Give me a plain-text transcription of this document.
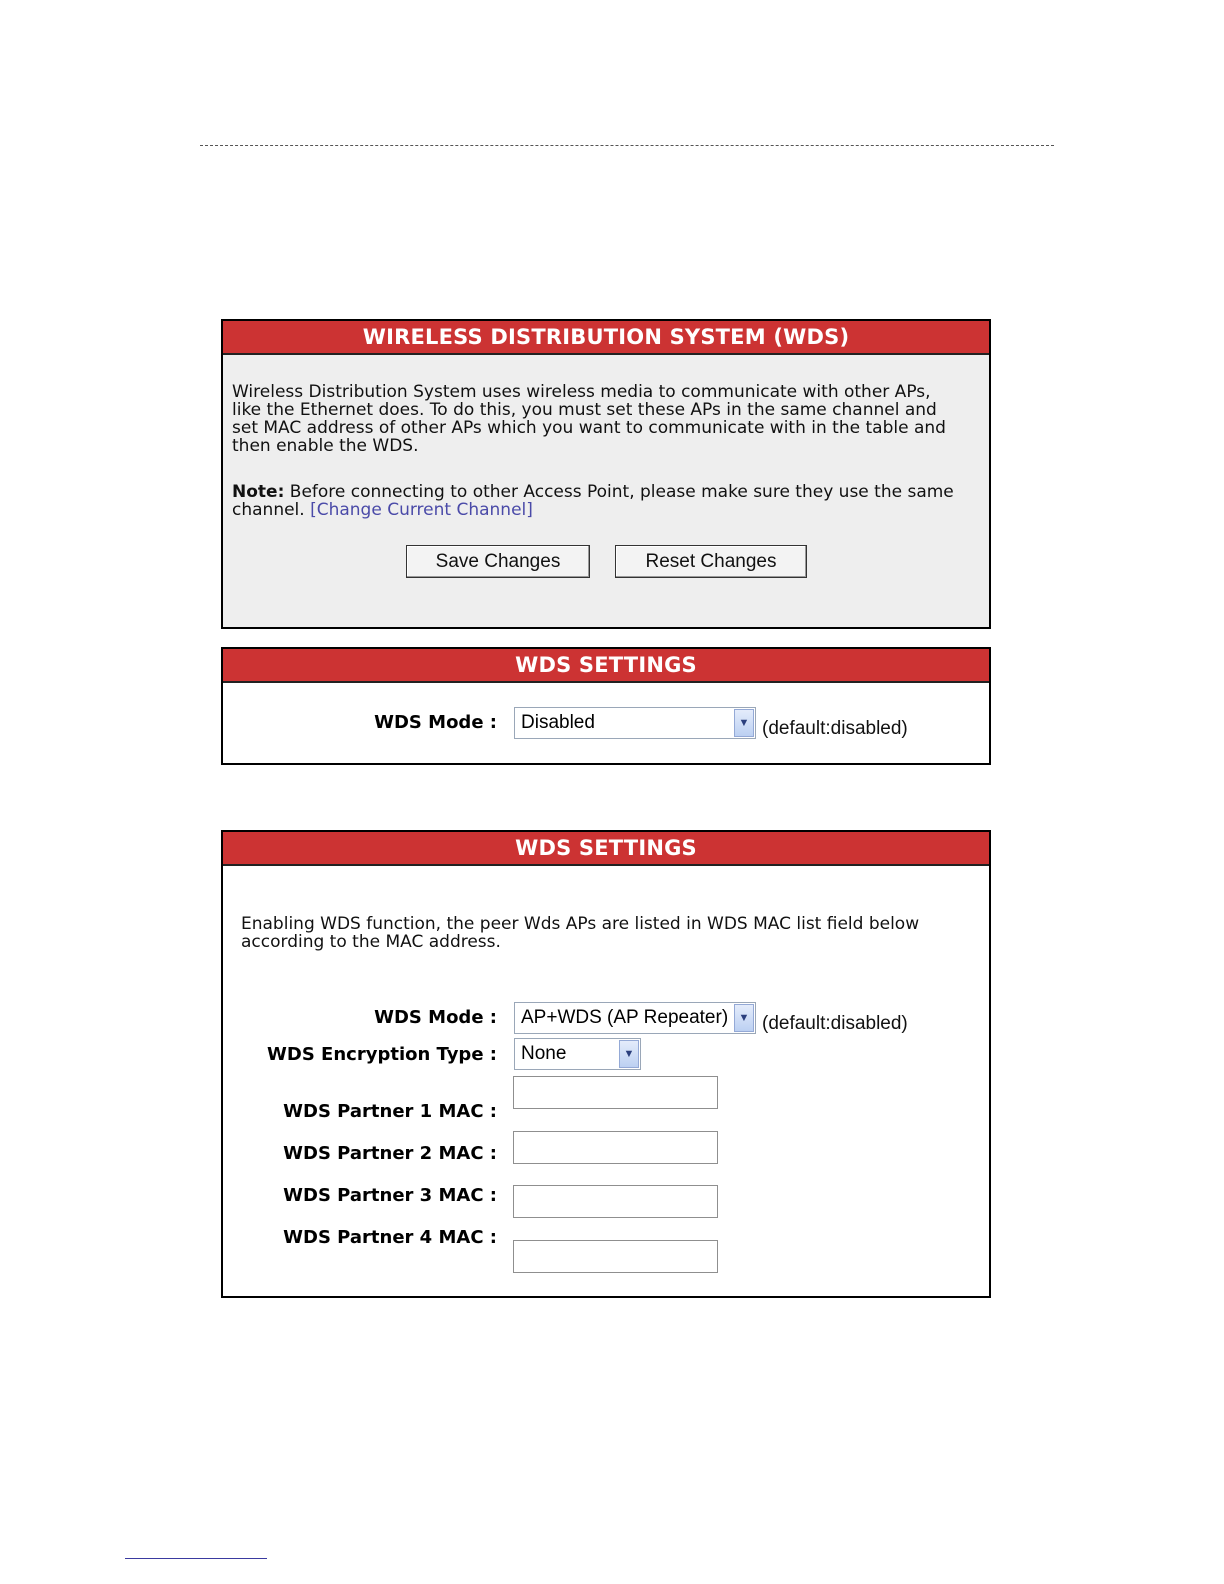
WIRELESS DISTRIBUTION SYSTEM (WDS)
Wireless Distribution System uses wireless media to communicate with other APs,
like the Ethernet does. To do this, you must set these APs in the same channel and
set MAC address of other APs which you want to communicate with in the table and
then enable the WDS.
Note: Before connecting to other Access Point, please make sure they use the same
channel. [Change Current Channel]
Save Changes	Reset Changes
WDS SETTINGS
WDS Mode :	Disabled	▼ (default:disabled)
WDS SETTINGS
Enabling WDS function, the peer Wds APs are listed in WDS MAC list field below
according to the MAC address.
WDS Mode :	AP+WDS (AP Repeater) ▼ (default:disabled)
WDS Encryption Type :	None	▼
WDS Partner 1 MAC :
WDS Partner 2 MAC :
WDS Partner 3 MAC :
WDS Partner 4 MAC :
